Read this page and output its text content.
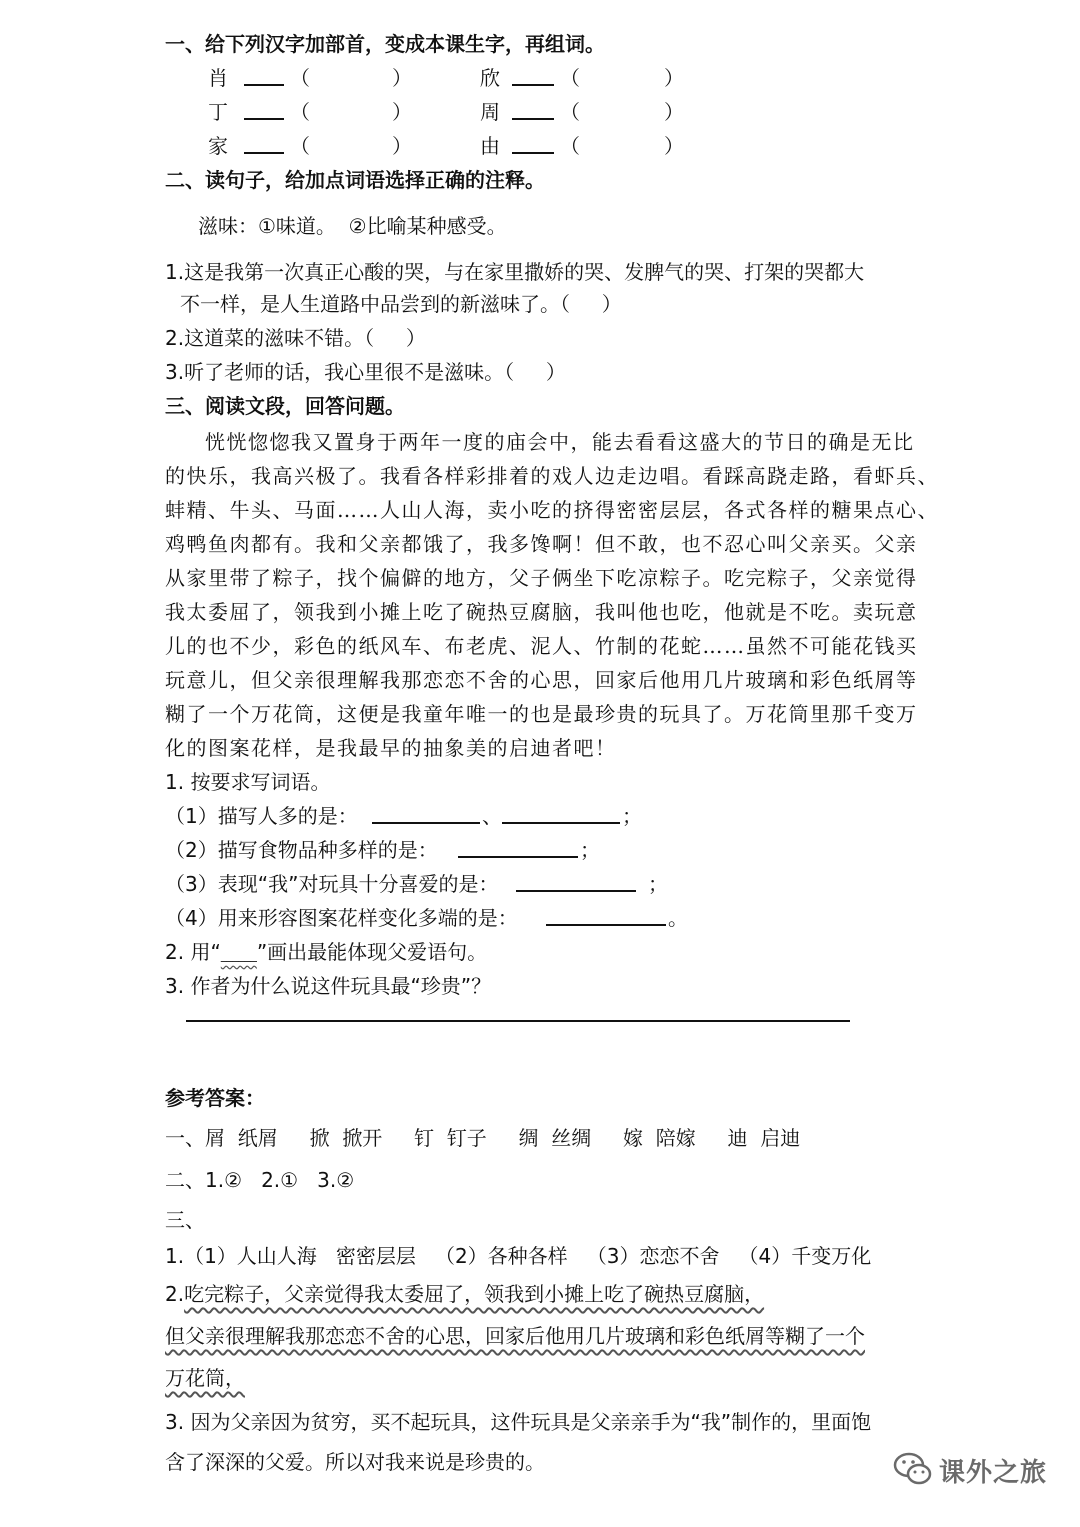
一、给下列汉字加部首，变成本课生字，再组词。
肖	（	）	欣	（	）
丁	（	）	周	（	）
家	（	）	由	（	）
二、读句子，给加点词语选择正确的注释。
滋味：①味道。  ②比喻某种感受。
1.这是我第一次真正心酸的哭，与在家里撒娇的哭、发脾气的哭、打架的哭都大
不一样，是人生道路中品尝到的新滋味了。（     ）
2.这道菜的滋味不错。（     ）
3.听了老师的话，我心里很不是滋味。（     ）
三、阅读文段，回答问题。
恍恍惚惚我又置身于两年一度的庙会中，能去看看这盛大的节日的确是无比
的快乐，我高兴极了。我看各样彩排着的戏人边走边唱。看踩高跷走路，看虾兵、
蚌精、牛头、马面……人山人海，卖小吃的挤得密密层层，各式各样的糖果点心、
鸡鸭鱼肉都有。我和父亲都饿了，我多馋啊！但不敢，也不忍心叫父亲买。父亲
从家里带了粽子，找个偏僻的地方，父子俩坐下吃凉粽子。吃完粽子，父亲觉得
我太委屈了，领我到小摊上吃了碗热豆腐脑，我叫他也吃，他就是不吃。卖玩意
儿的也不少，彩色的纸风车、布老虎、泥人、竹制的花蛇……虽然不可能花钱买
玩意儿，但父亲很理解我那恋恋不舍的心思，回家后他用几片玻璃和彩色纸屑等
糊了一个万花筒，这便是我童年唯一的也是最珍贵的玩具了。万花筒里那千变万
化的图案花样，是我最早的抽象美的启迪者吧！
1. 按要求写词语。
（1）描写人多的是：	、	；
（2）描写食物品种多样的是：	；
（3）表现“我”对玩具十分喜爱的是：	；
（4）用来形容图案花样变化多端的是：	。
2. 用“______”画出最能体现父爱语句。
3. 作者为什么说这件玩具最“珍贵”？
参考答案：
一、屑  纸屑     掀  掀开     钉  钉子     绸  丝绸     嫁  陪嫁     迪  启迪
二、1.②   2.①   3.②
三、
1.（1）人山人海   密密层层   （2）各种各样   （3）恋恋不舍   （4）千变万化
2.吃完粽子，父亲觉得我太委屈了，领我到小摊上吃了碗热豆腐脑，
但父亲很理解我那恋恋不舍的心思，回家后他用几片玻璃和彩色纸屑等糊了一个
万花筒，
3. 因为父亲因为贫穷，买不起玩具，这件玩具是父亲亲手为“我”制作的，里面饱
含了深深的父爱。所以对我来说是珍贵的。	课外之旅
